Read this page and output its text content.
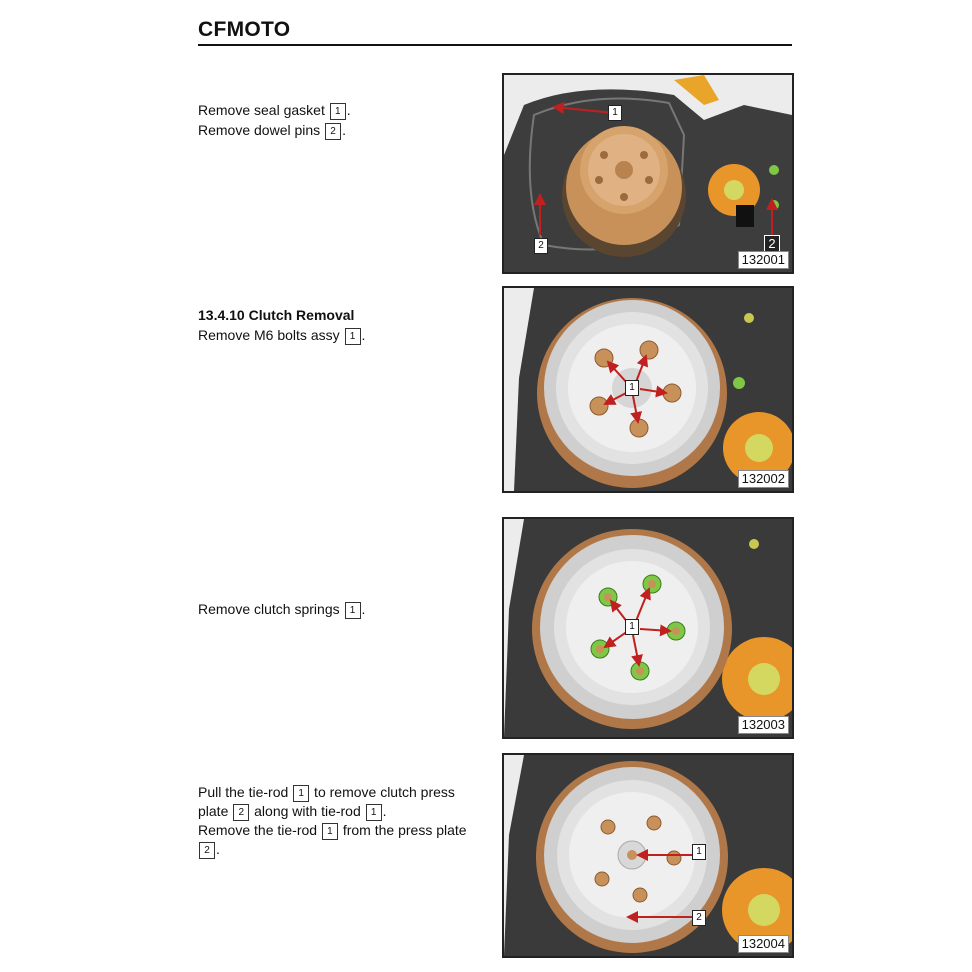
CFMOTO
Remove seal gasket 1 .
Remove dowel pins 2 .
13.4.10 Clutch Removal
Remove M6 bolts assy 1 .
Remove clutch springs 1 .
Pull the tie-rod 1 to remove clutch press
plate 2 along with tie-rod 1 .
Remove the tie-rod 1 from the press plate
2 .
1
2	2
132001
1
132002
1
132003
1
2
132004
